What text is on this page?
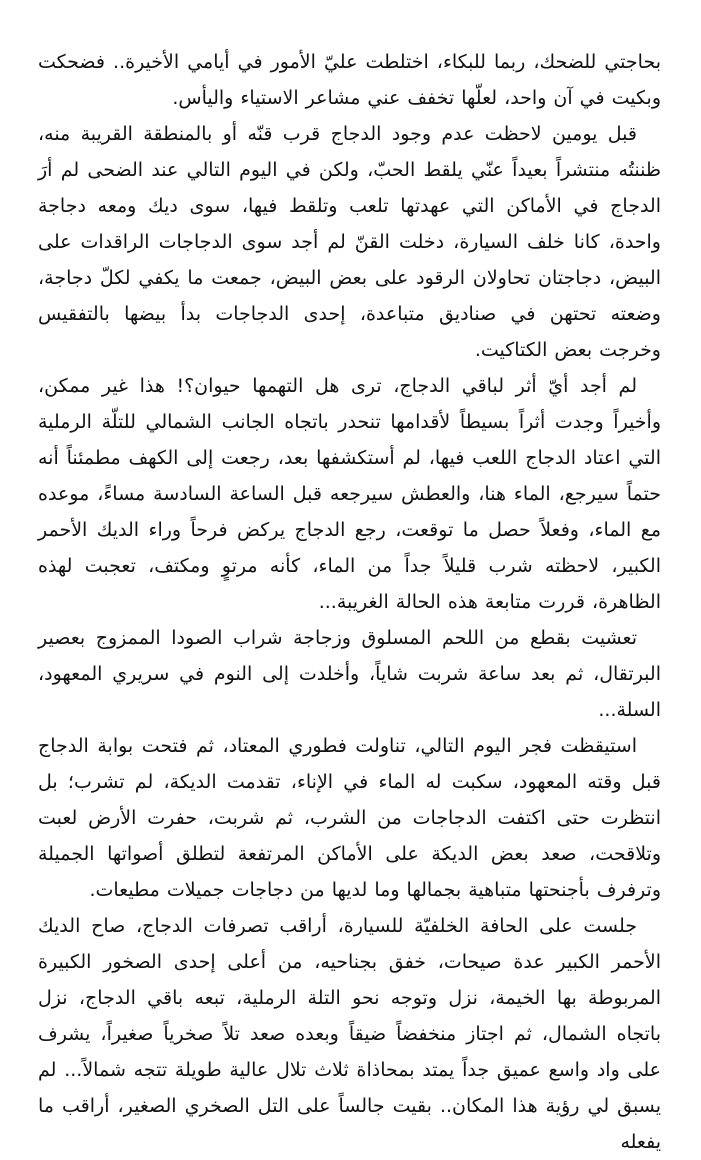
بحاجتي للضحك، ربما للبكاء، اختلطت عليّ الأمور في أيامي الأخيرة.. فضحكت وبكيت في آن واحد، لعلّها تخفف عني مشاعر الاستياء واليأس.

قبل يومين لاحظت عدم وجود الدجاج قرب قنّه أو بالمنطقة القريبة منه، ظننتُه منتشراً بعيداً عنّي يلقط الحبّ، ولكن في اليوم التالي عند الضحى لم أرَ الدجاج في الأماكن التي عهدتها تلعب وتلقط فيها، سوى ديك ومعه دجاجة واحدة، كانا خلف السيارة، دخلت القنّ لم أجد سوى الدجاجات الراقدات على البيض، دجاجتان تحاولان الرقود على بعض البيض، جمعت ما يكفي لكلّ دجاجة، وضعته تحتهن في صناديق متباعدة، إحدى الدجاجات بدأ بيضها بالتفقيس وخرجت بعض الكتاكيت.

لم أجد أيّ أثر لباقي الدجاج، ترى هل التهمها حيوان؟! هذا غير ممكن، وأخيراً وجدت أثراً بسيطاً لأقدامها تنحدر باتجاه الجانب الشمالي للتلّة الرملية التي اعتاد الدجاج اللعب فيها، لم أستكشفها بعد، رجعت إلى الكهف مطمئناً أنه حتماً سيرجع، الماء هنا، والعطش سيرجعه قبل الساعة السادسة مساءً، موعده مع الماء، وفعلاً حصل ما توقعت، رجع الدجاج يركض فرحاً وراء الديك الأحمر الكبير، لاحظته شرب قليلاً جداً من الماء، كأنه مرتوٍ ومكتف، تعجبت لهذه الظاهرة، قررت متابعة هذه الحالة الغريبة...

تعشيت بقطع من اللحم المسلوق وزجاجة شراب الصودا الممزوج بعصير البرتقال، ثم بعد ساعة شربت شاياً، وأخلدت إلى النوم في سريري المعهود، السلة...

استيقظت فجر اليوم التالي، تناولت فطوري المعتاد، ثم فتحت بوابة الدجاج قبل وقته المعهود، سكبت له الماء في الإناء، تقدمت الديكة، لم تشرب؛ بل انتظرت حتى اكتفت الدجاجات من الشرب، ثم شربت، حفرت الأرض لعبت وتلاقحت، صعد بعض الديكة على الأماكن المرتفعة لتطلق أصواتها الجميلة وترفرف بأجنحتها متباهية بجمالها وما لديها من دجاجات جميلات مطيعات.

جلست على الحافة الخلفيّة للسيارة، أراقب تصرفات الدجاج، صاح الديك الأحمر الكبير عدة صيحات، خفق بجناحيه، من أعلى إحدى الصخور الكبيرة المربوطة بها الخيمة، نزل وتوجه نحو التلة الرملية، تبعه باقي الدجاج، نزل باتجاه الشمال، ثم اجتاز منخفضاً ضيقاً وبعده صعد تلاً صخرياً صغيراً، يشرف على واد واسع عميق جداً يمتد بمحاذاة ثلاث تلال عالية طويلة تتجه شمالاً... لم يسبق لي رؤية هذا المكان.. بقيت جالساً على التل الصخري الصغير، أراقب ما يفعله
